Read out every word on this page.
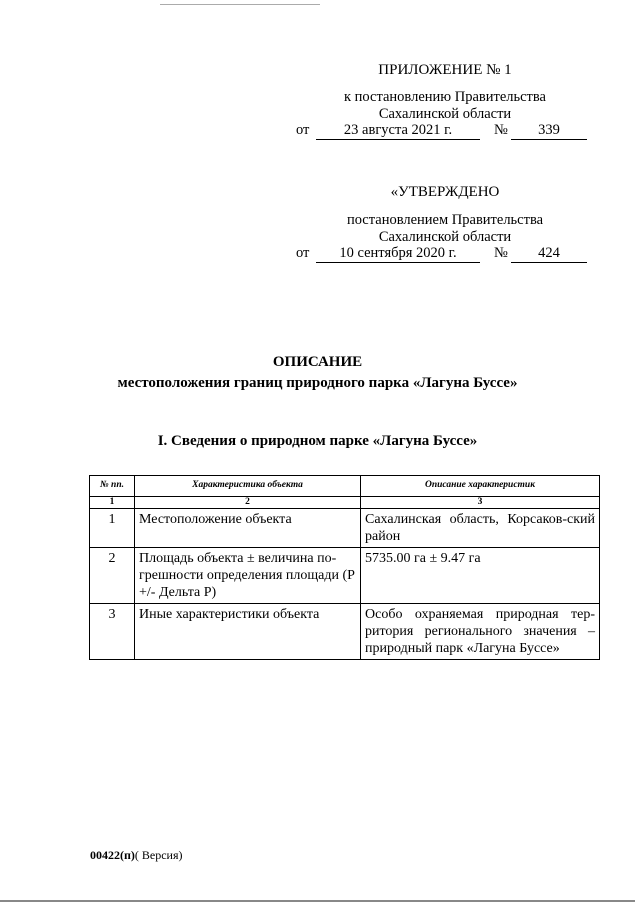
ПРИЛОЖЕНИЕ № 1
к постановлению Правительства
Сахалинской области
от	23 августа 2021 г.	№	339
«УТВЕРЖДЕНО
постановлением Правительства
Сахалинской области
от	10 сентября 2020 г.	№	424
ОПИСАНИЕ
местоположения границ природного парка «Лагуна Буссе»
I. Сведения о природном парке «Лагуна Буссе»
№ пп.	Характеристика объекта	Описание характеристик
1	2	3
1	Местоположение объекта	Сахалинская область, Корсаков-ский район
2	Площадь объекта ± величина по-грешности определения площади (Р +/- Дельта Р)	5735.00 га ± 9.47 га
3	Иные характеристики объекта	Особо охраняемая природная тер-ритория регионального значения – природный парк «Лагуна Буссе»
00422(п)( Версия)
